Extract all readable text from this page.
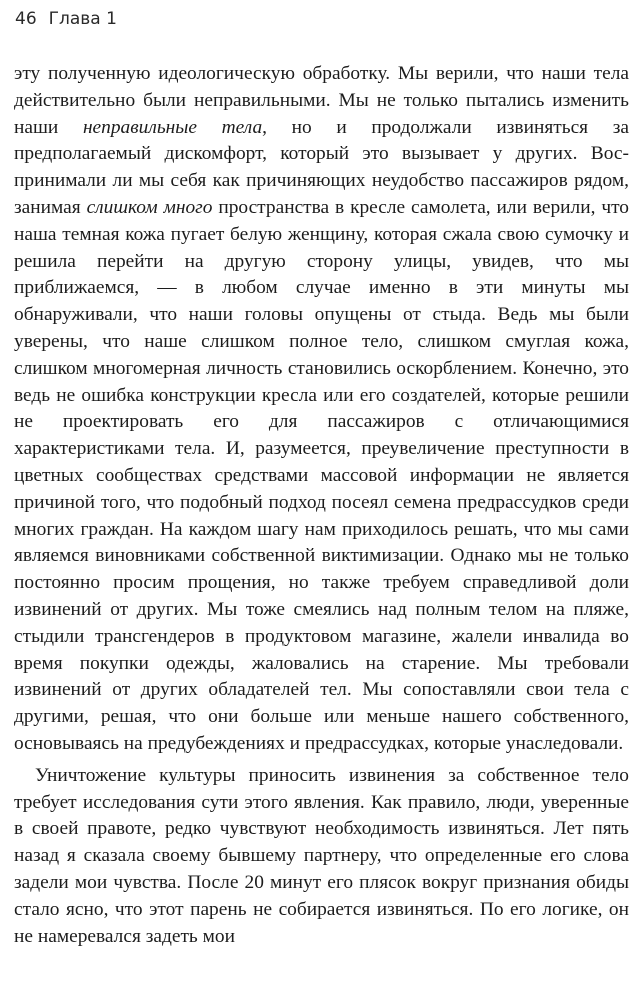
46 Глава 1

эту полученную идеологическую обработку. Мы верили, что наши тела действительно были неправильными. Мы не только пытались изменить наши неправильные тела, но и продолжали извиняться за предполагаемый дискомфорт, который это вызывает у других. Воспринимали ли мы себя как причиняющих неудобство пассажиров рядом, занимая слишком много пространства в кресле самолета, или верили, что наша темная кожа пугает белую женщину, которая сжала свою сумочку и решила перейти на другую сторону улицы, увидев, что мы приближаемся, — в любом случае именно в эти минуты мы обнаруживали, что наши головы опущены от стыда. Ведь мы были уверены, что наше слишком полное тело, слишком смуглая кожа, слишком многомерная личность становились оскорблением. Конечно, это ведь не ошибка конструкции кресла или его создателей, которые решили не проектировать его для пассажиров с отличающимися характеристиками тела. И, разумеется, преувеличение преступности в цветных сообществах средствами массовой информации не является причиной того, что подобный подход посеял семена предрассудков среди многих граждан. На каждом шагу нам приходилось решать, что мы сами являемся виновниками собственной виктимизации. Однако мы не только постоянно просим прощения, но также требуем справедливой доли извинений от других. Мы тоже смеялись над полным телом на пляже, стыдили трансгендеров в продуктовом магазине, жалели инвалида во время покупки одежды, жаловались на старение. Мы требовали извинений от других обладателей тел. Мы сопоставляли свои тела с другими, решая, что они больше или меньше нашего собственного, основываясь на предубеждениях и предрассудках, которые унаследовали.

Уничтожение культуры приносить извинения за собственное тело требует исследования сути этого явления. Как правило, люди, уверенные в своей правоте, редко чувствуют необходимость извиняться. Лет пять назад я сказала своему бывшему партнеру, что определенные его слова задели мои чувства. После 20 минут его плясок вокруг признания обиды стало ясно, что этот парень не собирается извиняться. По его логике, он не намеревался задеть мои
